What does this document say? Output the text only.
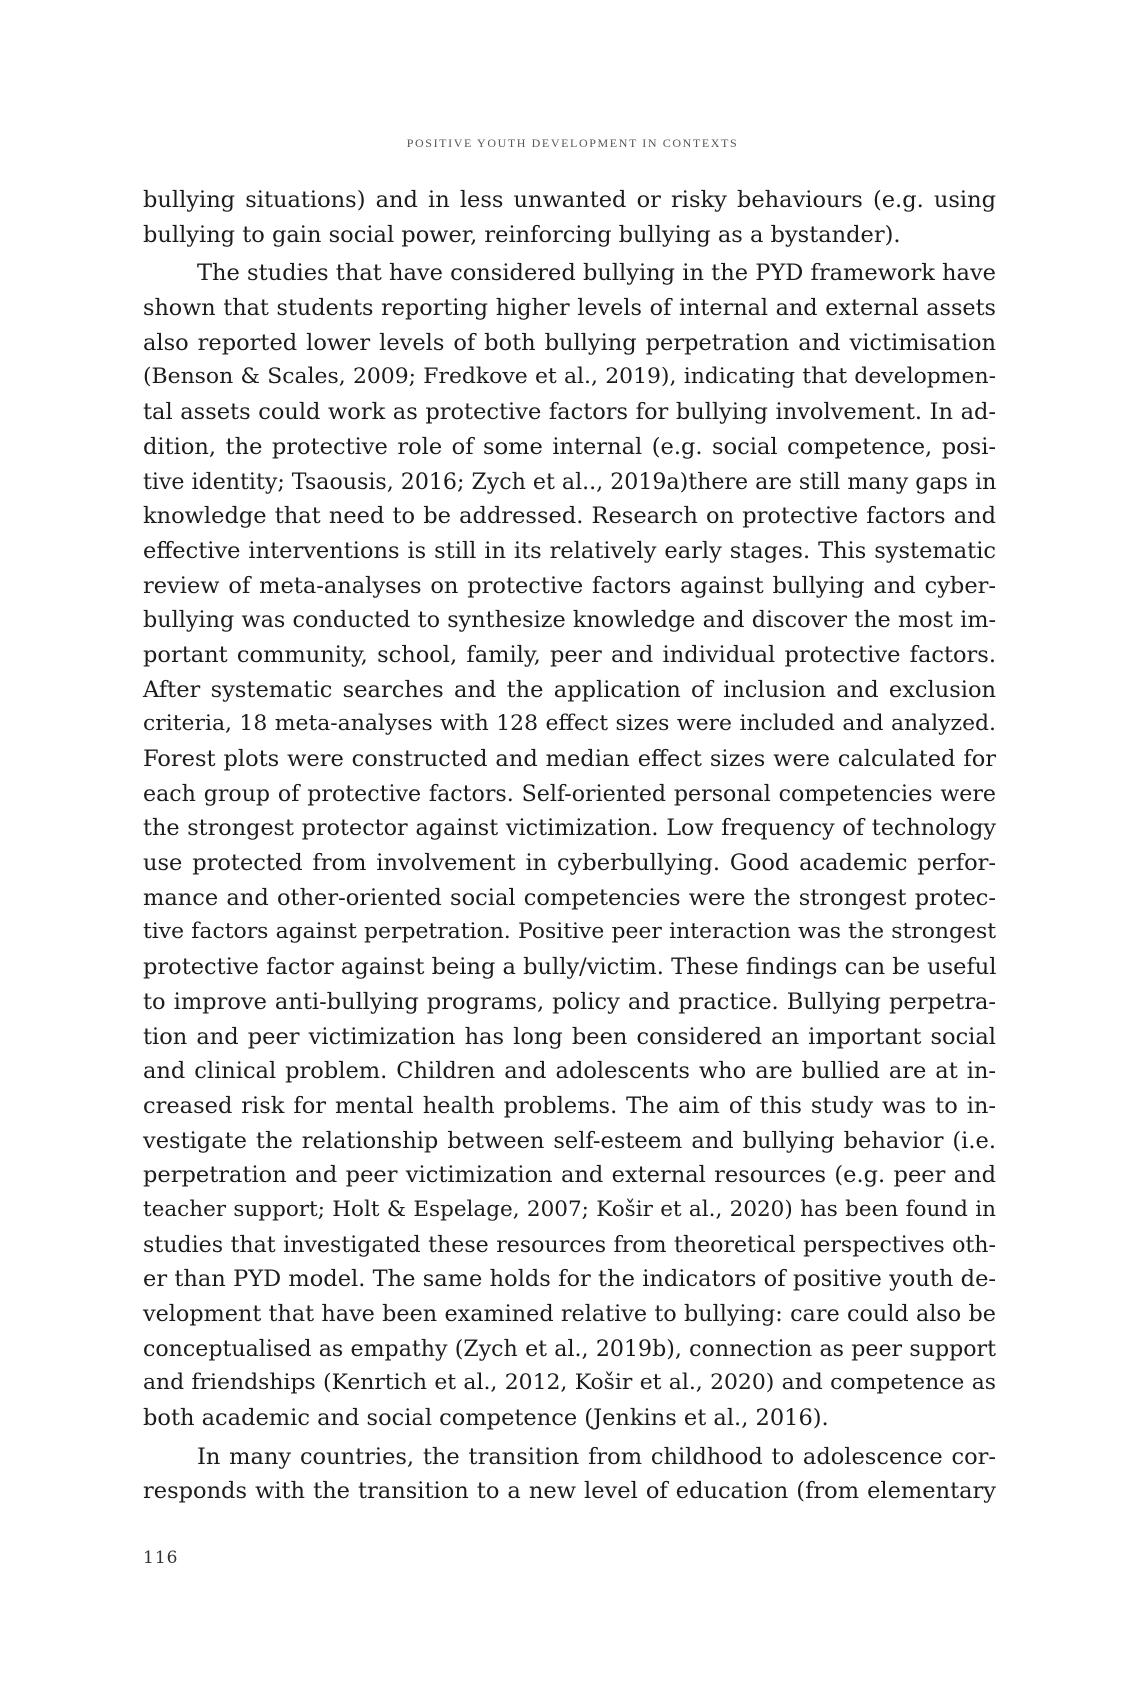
POSITIVE YOUTH DEVELOPMENT IN CONTEXTS
bullying situations) and in less unwanted or risky behaviours (e.g. using
bullying to gain social power, reinforcing bullying as a bystander).
The studies that have considered bullying in the PYD framework have
shown that students reporting higher levels of internal and external assets
also reported lower levels of both bullying perpetration and victimisation
(Benson & Scales, 2009; Fredkove et al., 2019), indicating that developmen-
tal assets could work as protective factors for bullying involvement. In ad-
dition, the protective role of some internal (e.g. social competence, posi-
tive identity; Tsaousis, 2016; Zych et al.., 2019a)there are still many gaps in
knowledge that need to be addressed. Research on protective factors and
effective interventions is still in its relatively early stages. This systematic
review of meta-analyses on protective factors against bullying and cyber-
bullying was conducted to synthesize knowledge and discover the most im-
portant community, school, family, peer and individual protective factors.
After systematic searches and the application of inclusion and exclusion
criteria, 18 meta-analyses with 128 effect sizes were included and analyzed.
Forest plots were constructed and median effect sizes were calculated for
each group of protective factors. Self-oriented personal competencies were
the strongest protector against victimization. Low frequency of technology
use protected from involvement in cyberbullying. Good academic perfor-
mance and other-oriented social competencies were the strongest protec-
tive factors against perpetration. Positive peer interaction was the strongest
protective factor against being a bully/victim. These findings can be useful
to improve anti-bullying programs, policy and practice. Bullying perpetra-
tion and peer victimization has long been considered an important social
and clinical problem. Children and adolescents who are bullied are at in-
creased risk for mental health problems. The aim of this study was to in-
vestigate the relationship between self-esteem and bullying behavior (i.e.
perpetration and peer victimization and external resources (e.g. peer and
teacher support; Holt & Espelage, 2007; Košir et al., 2020) has been found in
studies that investigated these resources from theoretical perspectives oth-
er than PYD model. The same holds for the indicators of positive youth de-
velopment that have been examined relative to bullying: care could also be
conceptualised as empathy (Zych et al., 2019b), connection as peer support
and friendships (Kenrtich et al., 2012, Košir et al., 2020) and competence as
both academic and social competence (Jenkins et al., 2016).
In many countries, the transition from childhood to adolescence cor-
responds with the transition to a new level of education (from elementary
116
